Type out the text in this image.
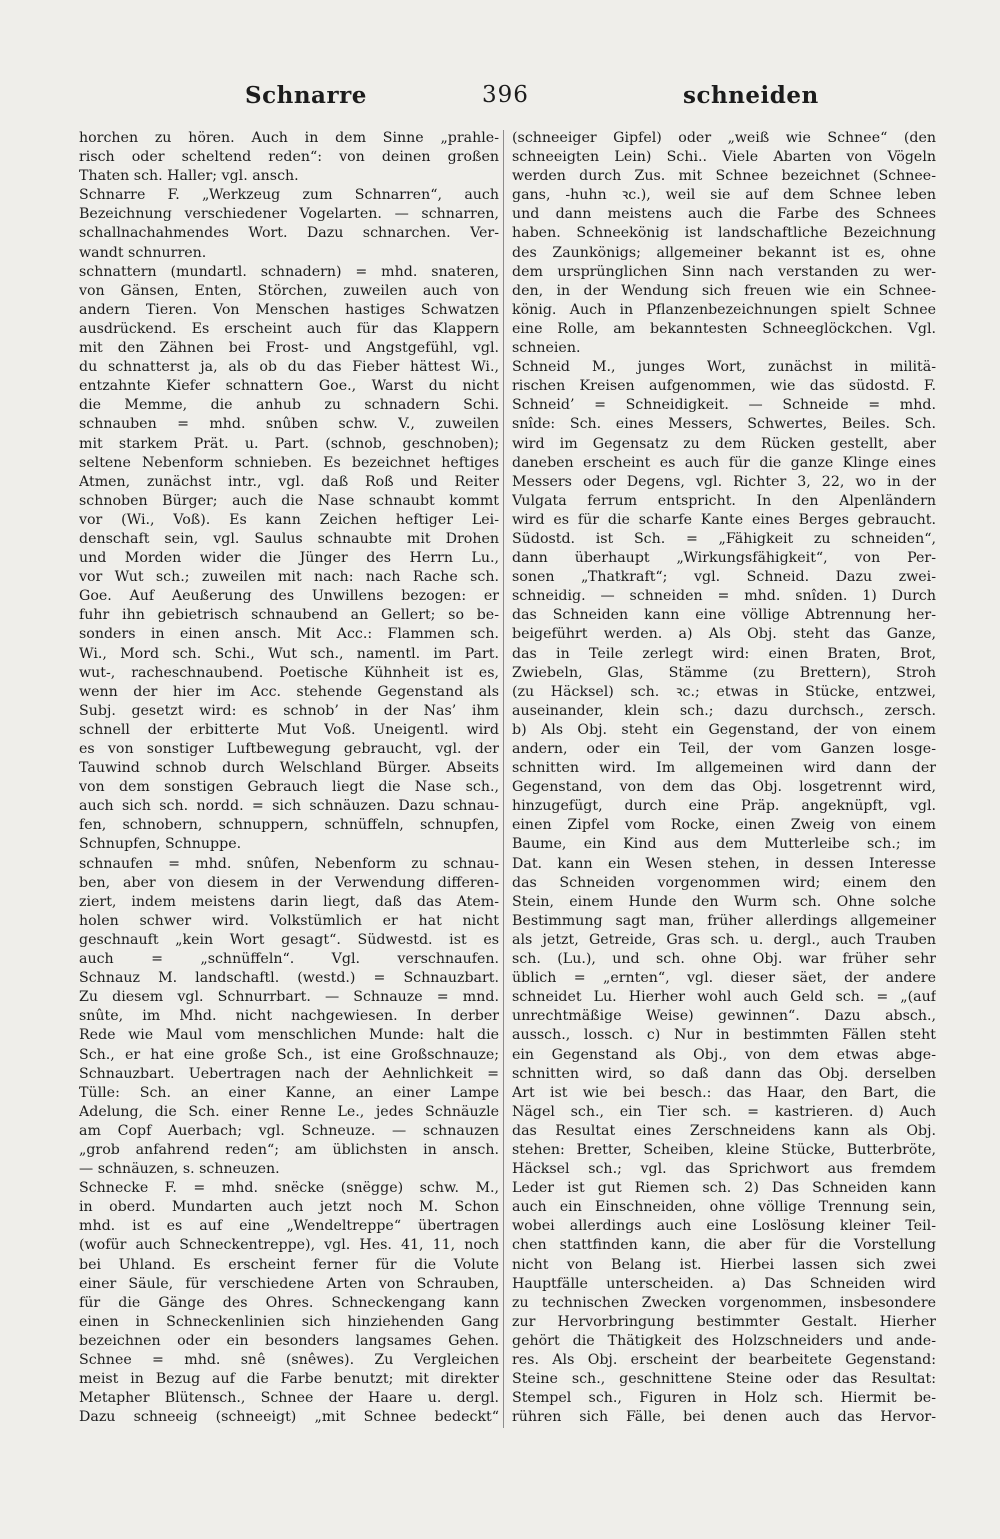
Schnarre	396	schneiden
horchen zu hören. Auch in dem Sinne „prahle-
risch oder scheltend reden“: von deinen großen
Thaten sch. Haller; vgl. ansch.
Schnarre F. „Werkzeug zum Schnarren“, auch
Bezeichnung verschiedener Vogelarten. — schnarren,
schallnachahmendes Wort. Dazu schnarchen. Ver-
wandt schnurren.
schnattern (mundartl. schnadern) = mhd. snateren,
von Gänsen, Enten, Störchen, zuweilen auch von
andern Tieren. Von Menschen hastiges Schwatzen
ausdrückend. Es erscheint auch für das Klappern
mit den Zähnen bei Frost- und Angstgefühl, vgl.
du schnatterst ja, als ob du das Fieber hättest Wi.,
entzahnte Kiefer schnattern Goe., Warst du nicht
die Memme, die anhub zu schnadern Schi.
schnauben = mhd. snûben schw. V., zuweilen
mit starkem Prät. u. Part. (schnob, geschnoben);
seltene Nebenform schnieben. Es bezeichnet heftiges
Atmen, zunächst intr., vgl. daß Roß und Reiter
schnoben Bürger; auch die Nase schnaubt kommt
vor (Wi., Voß). Es kann Zeichen heftiger Lei-
denschaft sein, vgl. Saulus schnaubte mit Drohen
und Morden wider die Jünger des Herrn Lu.,
vor Wut sch.; zuweilen mit nach: nach Rache sch.
Goe. Auf Aeußerung des Unwillens bezogen: er
fuhr ihn gebietrisch schnaubend an Gellert; so be-
sonders in einen ansch. Mit Acc.: Flammen sch.
Wi., Mord sch. Schi., Wut sch., namentl. im Part.
wut-, racheschnaubend. Poetische Kühnheit ist es,
wenn der hier im Acc. stehende Gegenstand als
Subj. gesetzt wird: es schnob’ in der Nas’ ihm
schnell der erbitterte Mut Voß. Uneigentl. wird
es von sonstiger Luftbewegung gebraucht, vgl. der
Tauwind schnob durch Welschland Bürger. Abseits
von dem sonstigen Gebrauch liegt die Nase sch.,
auch sich sch. nordd. = sich schnäuzen. Dazu schnau-
fen, schnobern, schnuppern, schnüffeln, schnupfen,
Schnupfen, Schnuppe.
schnaufen = mhd. snûfen, Nebenform zu schnau-
ben, aber von diesem in der Verwendung differen-
ziert, indem meistens darin liegt, daß das Atem-
holen schwer wird. Volkstümlich er hat nicht
geschnauft „kein Wort gesagt“. Südwestd. ist es
auch = „schnüffeln“. Vgl. verschnaufen.
Schnauz M. landschaftl. (westd.) = Schnauzbart.
Zu diesem vgl. Schnurrbart. — Schnauze = mnd.
snûte, im Mhd. nicht nachgewiesen. In derber
Rede wie Maul vom menschlichen Munde: halt die
Sch., er hat eine große Sch., ist eine Großschnauze;
Schnauzbart. Uebertragen nach der Aehnlichkeit =
Tülle: Sch. an einer Kanne, an einer Lampe
Adelung, die Sch. einer Renne Le., jedes Schnäuzle
am Copf Auerbach; vgl. Schneuze. — schnauzen
„grob anfahrend reden“; am üblichsten in ansch.
— schnäuzen, s. schneuzen.
Schnecke F. = mhd. snëcke (snëgge) schw. M.,
in oberd. Mundarten auch jetzt noch M. Schon
mhd. ist es auf eine „Wendeltreppe“ übertragen
(wofür auch Schneckentreppe), vgl. Hes. 41, 11, noch
bei Uhland. Es erscheint ferner für die Volute
einer Säule, für verschiedene Arten von Schrauben,
für die Gänge des Ohres. Schneckengang kann
einen in Schneckenlinien sich hinziehenden Gang
bezeichnen oder ein besonders langsames Gehen.
Schnee = mhd. snê (snêwes). Zu Vergleichen
meist in Bezug auf die Farbe benutzt; mit direkter
Metapher Blütensch., Schnee der Haare u. dergl.
Dazu schneeig (schneeigt) „mit Schnee bedeckt“
(schneeiger Gipfel) oder „weiß wie Schnee“ (den
schneeigten Lein) Schi.. Viele Abarten von Vögeln
werden durch Zus. mit Schnee bezeichnet (Schnee-
gans, -huhn ꝛc.), weil sie auf dem Schnee leben
und dann meistens auch die Farbe des Schnees
haben. Schneekönig ist landschaftliche Bezeichnung
des Zaunkönigs; allgemeiner bekannt ist es, ohne
dem ursprünglichen Sinn nach verstanden zu wer-
den, in der Wendung sich freuen wie ein Schnee-
könig. Auch in Pflanzenbezeichnungen spielt Schnee
eine Rolle, am bekanntesten Schneeglöckchen. Vgl.
schneien.
Schneid M., junges Wort, zunächst in militä-
rischen Kreisen aufgenommen, wie das südostd. F.
Schneid’ = Schneidigkeit. — Schneide = mhd.
snîde: Sch. eines Messers, Schwertes, Beiles. Sch.
wird im Gegensatz zu dem Rücken gestellt, aber
daneben erscheint es auch für die ganze Klinge eines
Messers oder Degens, vgl. Richter 3, 22, wo in der
Vulgata ferrum entspricht. In den Alpenländern
wird es für die scharfe Kante eines Berges gebraucht.
Südostd. ist Sch. = „Fähigkeit zu schneiden“,
dann überhaupt „Wirkungsfähigkeit“, von Per-
sonen „Thatkraft“; vgl. Schneid. Dazu zwei-
schneidig. — schneiden = mhd. snîden. 1) Durch
das Schneiden kann eine völlige Abtrennung her-
beigeführt werden. a) Als Obj. steht das Ganze,
das in Teile zerlegt wird: einen Braten, Brot,
Zwiebeln, Glas, Stämme (zu Brettern), Stroh
(zu Häcksel) sch. ꝛc.; etwas in Stücke, entzwei,
auseinander, klein sch.; dazu durchsch., zersch.
b) Als Obj. steht ein Gegenstand, der von einem
andern, oder ein Teil, der vom Ganzen losge-
schnitten wird. Im allgemeinen wird dann der
Gegenstand, von dem das Obj. losgetrennt wird,
hinzugefügt, durch eine Präp. angeknüpft, vgl.
einen Zipfel vom Rocke, einen Zweig von einem
Baume, ein Kind aus dem Mutterleibe sch.; im
Dat. kann ein Wesen stehen, in dessen Interesse
das Schneiden vorgenommen wird; einem den
Stein, einem Hunde den Wurm sch. Ohne solche
Bestimmung sagt man, früher allerdings allgemeiner
als jetzt, Getreide, Gras sch. u. dergl., auch Trauben
sch. (Lu.), und sch. ohne Obj. war früher sehr
üblich = „ernten“, vgl. dieser säet, der andere
schneidet Lu. Hierher wohl auch Geld sch. = „(auf
unrechtmäßige Weise) gewinnen“. Dazu absch.,
aussch., lossch. c) Nur in bestimmten Fällen steht
ein Gegenstand als Obj., von dem etwas abge-
schnitten wird, so daß dann das Obj. derselben
Art ist wie bei besch.: das Haar, den Bart, die
Nägel sch., ein Tier sch. = kastrieren. d) Auch
das Resultat eines Zerschneidens kann als Obj.
stehen: Bretter, Scheiben, kleine Stücke, Butterbröte,
Häcksel sch.; vgl. das Sprichwort aus fremdem
Leder ist gut Riemen sch. 2) Das Schneiden kann
auch ein Einschneiden, ohne völlige Trennung sein,
wobei allerdings auch eine Loslösung kleiner Teil-
chen stattfinden kann, die aber für die Vorstellung
nicht von Belang ist. Hierbei lassen sich zwei
Hauptfälle unterscheiden. a) Das Schneiden wird
zu technischen Zwecken vorgenommen, insbesondere
zur Hervorbringung bestimmter Gestalt. Hierher
gehört die Thätigkeit des Holzschneiders und ande-
res. Als Obj. erscheint der bearbeitete Gegenstand:
Steine sch., geschnittene Steine oder das Resultat:
Stempel sch., Figuren in Holz sch. Hiermit be-
rühren sich Fälle, bei denen auch das Hervor-
